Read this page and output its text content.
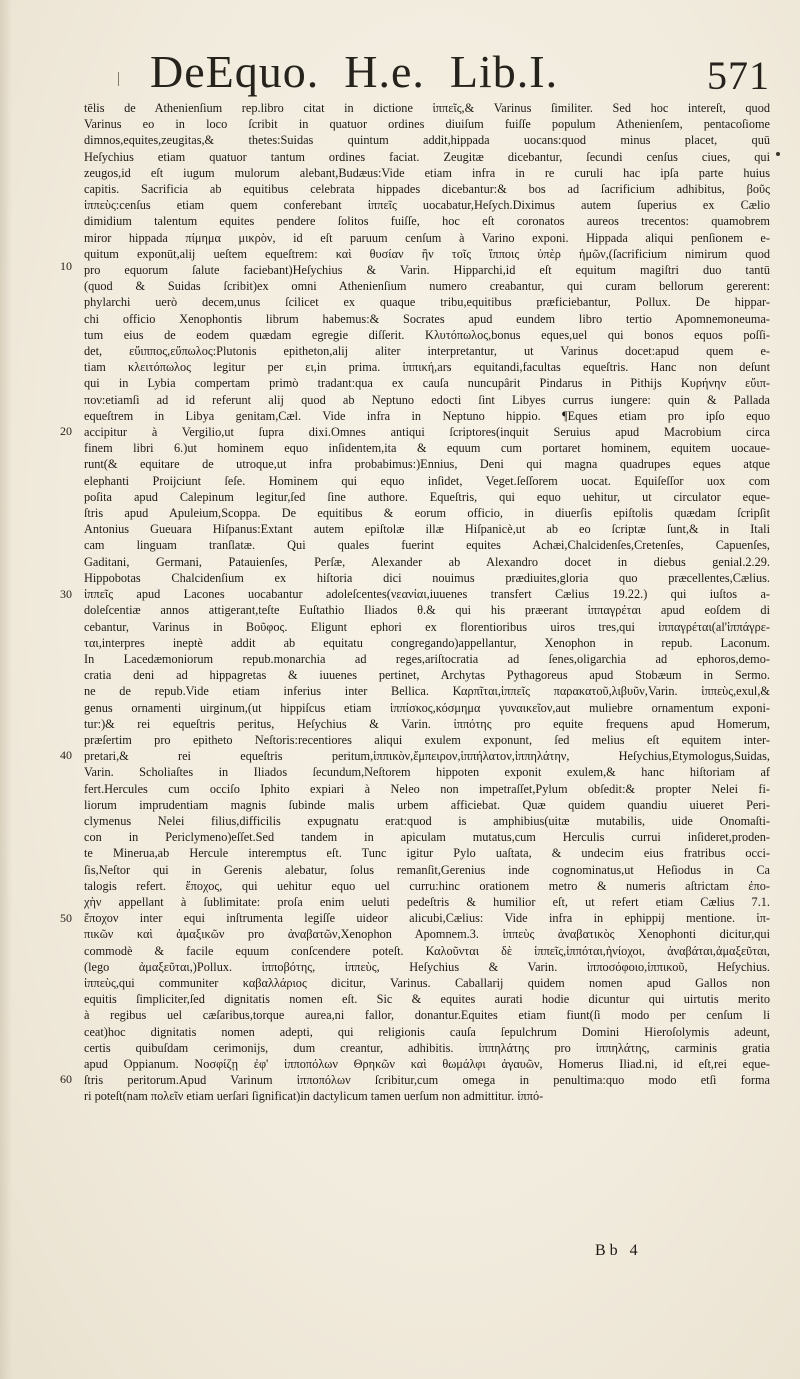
DeEquo.  H.e.  Lib.I.	571
10
20
30
40
50
60
tēlis de Athenienſium rep.libro citat in dictione ἱππεῖς,& Varinus ſimiliter. Sed hoc intereſt, quod
Varinus eo in loco ſcribit in quatuor ordines diuiſum fuiſſe populum Athenienſem, pentacoſiome
dimnos,equites,zeugitas,& thetes:Suidas quintum addit,hippada uocans:quod minus placet, quū
Heſychius etiam quatuor tantum ordines faciat. Zeugitæ dicebantur, ſecundi cenſus ciues, qui
zeugos,id eſt iugum mulorum alebant,Budæus:Vide etiam infra in re curuli hac ipſa parte huius
capitis. Sacrificia ab equitibus celebrata hippades dicebantur:& bos ad ſacrificium adhibitus, βοῦς
ἱππεὺς:cenſus etiam quem conferebant ἱππεῖς uocabatur,Heſych.Diximus autem ſuperius ex Cælio
dimidium talentum equites pendere ſolitos fuiſſe, hoc eſt coronatos aureos trecentos: quamobrem
miror hippada πίμημα μικρὸν, id eſt paruum cenſum à Varino exponi. Hippada aliqui penſionem e-
quitum exponūt,alij ueſtem equeſtrem: καὶ θυσίαν ἢν τοῖς ἵπποις ὑπὲρ ἡμῶν,(ſacrificium nimirum quod
pro equorum ſalute faciebant)Heſychius & Varin. Hipparchi,id eſt equitum magiſtri duo tantū
(quod & Suidas ſcribit)ex omni Athenienſium numero creabantur, qui curam bellorum gererent:
phylarchi uerò decem,unus ſcilicet ex quaque tribu,equitibus præficiebantur, Pollux. De hippar-
chi officio Xenophontis librum habemus:& Socrates apud eundem libro tertio Apomnemoneuma-
tum eius de eodem quædam egregie diſſerit. Κλυτόπωλος,bonus eques,uel qui bonos equos poſſi-
det, εὔιππος,εὔπωλος:Plutonis epitheton,alij aliter interpretantur, ut Varinus docet:apud quem e-
tiam κλειτόπωλος legitur per ει,in prima. ἱππική,ars equitandi,facultas equeſtris. Hanc non deſunt
qui in Lybia compertam primò tradant:qua ex cauſa nuncupârit Pindarus in Pithijs Κυρήνην εὔιπ-
πον:etiamſi ad id referunt alij quod ab Neptuno edocti ſint Libyes currus iungere: quin & Pallada
equeſtrem in Libya genitam,Cæl. Vide infra in Neptuno hippio. ¶Eques etiam pro ipſo equo
accipitur à Vergilio,ut ſupra dixi.Omnes antiqui ſcriptores(inquit Seruius apud Macrobium circa
finem libri 6.)ut hominem equo inſidentem,ita & equum cum portaret hominem, equitem uocaue-
runt(& equitare de utroque,ut infra probabimus:)Ennius, Deni qui magna quadrupes eques atque
elephanti Proijciunt ſeſe. Hominem qui equo inſidet, Veget.ſeſſorem uocat. Equiſeſſor uox com
poſita apud Calepinum legitur,ſed ſine authore. Equeſtris, qui equo uehitur, ut circulator eque-
ſtris apud Apuleium,Scoppa. De equitibus & eorum officio, in diuerſis epiſtolis quædam ſcripſit
Antonius Gueuara Hiſpanus:Extant autem epiſtolæ illæ Hiſpanicè,ut ab eo ſcriptæ ſunt,& in Itali
cam linguam tranſlatæ. Qui quales fuerint equites Achæi,Chalcidenſes,Cretenſes, Capuenſes,
Gaditani, Germani, Patauienſes, Perſæ, Alexander ab Alexandro docet in diebus genial.2.29.
Hippobotas Chalcidenſium ex hiſtoria dici nouimus prædiuites,gloria quo præcellentes,Cælius.
ἱππεῖς apud Lacones uocabantur adoleſcentes(νεανίαι,iuuenes transfert Cælius 19.22.) qui iuſtos a-
doleſcentiæ annos attigerant,teſte Euſtathio Iliados θ.& qui his præerant ἱππαγρέται apud eoſdem di
cebantur, Varinus in Βοῦφος. Eligunt ephori ex florentioribus uiros tres,qui ἱππαγρέται(al'ἱππάγρε-
ται,interpres ineptè addit ab equitatu congregando)appellantur, Xenophon in repub. Laconum.
In Lacedæmoniorum repub.monarchia ad reges,ariſtocratia ad ſenes,oligarchia ad ephoros,demo-
cratia deni ad hippagretas & iuuenes pertinet, Archytas Pythagoreus apud Stobæum in Sermo.
ne de repub.Vide etiam inferius inter Bellica. Καρπῖται,ἱππεῖς παρακατοῦ,λιβυῦν,Varin. ἱππεὺς,exul,&
genus ornamenti uirginum,(ut hippiſcus etiam ἱππίσκος,κόσμημα γυναικεῖον,aut muliebre ornamentum exponi-
tur:)& rei equeſtris peritus, Heſychius & Varin. ἱππότης pro equite frequens apud Homerum,
præſertim pro epitheto Neſtoris:recentiores aliqui exulem exponunt, ſed melius eſt equitem inter-
pretari,& rei equeſtris peritum,ἱππικὸν,ἔμπειρον,ἱππήλατον,ἱππηλάτην, Heſychius,Etymologus,Suidas,
Varin. Scholiaſtes in Iliados ſecundum,Neſtorem hippoten exponit exulem,& hanc hiſtoriam af
fert.Hercules cum occiſo Iphito expiari à Neleo non impetraſſet,Pylum obſedit:& propter Nelei fi-
liorum imprudentiam magnis ſubinde malis urbem afficiebat. Quæ quidem quandiu uiueret Peri-
clymenus Nelei filius,difficilis expugnatu erat:quod is amphibius(uitæ mutabilis, uide Onomaſti-
con in Periclymeno)eſſet.Sed tandem in apiculam mutatus,cum Herculis currui inſideret,proden-
te Minerua,ab Hercule interemptus eſt. Tunc igitur Pylo uaſtata, & undecim eius fratribus occi-
ſis,Neſtor qui in Gerenis alebatur, ſolus remanſit,Gerenius inde cognominatus,ut Heſiodus in Ca
talogis refert. ἔποχος, qui uehitur equo uel curru:hinc orationem metro & numeris aſtrictam ἐπο-
χὴν appellant à ſublimitate: proſa enim ueluti pedeſtris & humilior eſt, ut refert etiam Cælius 7.1.
ἔποχον inter equi inſtrumenta legiſſe uideor alicubi,Cælius: Vide infra in ephippij mentione. ἱπ-
πικῶν καὶ ἀμαξικῶν pro ἀναβατῶν,Xenophon Apomnem.3. ἱππεὺς ἀναβατικὸς Xenophonti dicitur,qui
commodè & facile equum conſcendere poteſt. Καλοῦνται δὲ ἱππεῖς,ἱππόται,ἠνίοχοι, ἀναβάται,ἀμαξεῦται,
(lego ἀμαξεῦται,)Pollux. ἱπποβότης, ἱππεὺς, Heſychius & Varin. ἱπποσόφοιο,ἱππικοῦ, Heſychius.
ἱππεὺς,qui communiter καβαλλάριος dicitur, Varinus. Caballarij quidem nomen apud Gallos non
equitis ſimpliciter,ſed dignitatis nomen eſt. Sic & equites aurati hodie dicuntur qui uirtutis merito
à regibus uel cæſaribus,torque aurea,ni fallor, donantur.Equites etiam fiunt(ſi modo per cenſum li
ceat)hoc dignitatis nomen adepti, qui religionis cauſa ſepulchrum Domini Hieroſolymis adeunt,
certis quibuſdam cerimonijs, dum creantur, adhibitis. ἱππηλάτης pro ἱππηλάτης, carminis gratia
apud Oppianum. Νοσφίζῃ ἐφ' ἱπποπόλων Θρηκῶν καὶ θωμάλφι ἀγαυῶν, Homerus Iliad.ni, id eſt,rei eque-
ſtris peritorum.Apud Varinum ἱπποπόλων ſcribitur,cum omega in penultima:quo modo etſi forma
ri poteſt(nam πολεῖν etiam uerſari ſignificat)in dactylicum tamen uerſum non admittitur. ἱππό-
Bb 4
